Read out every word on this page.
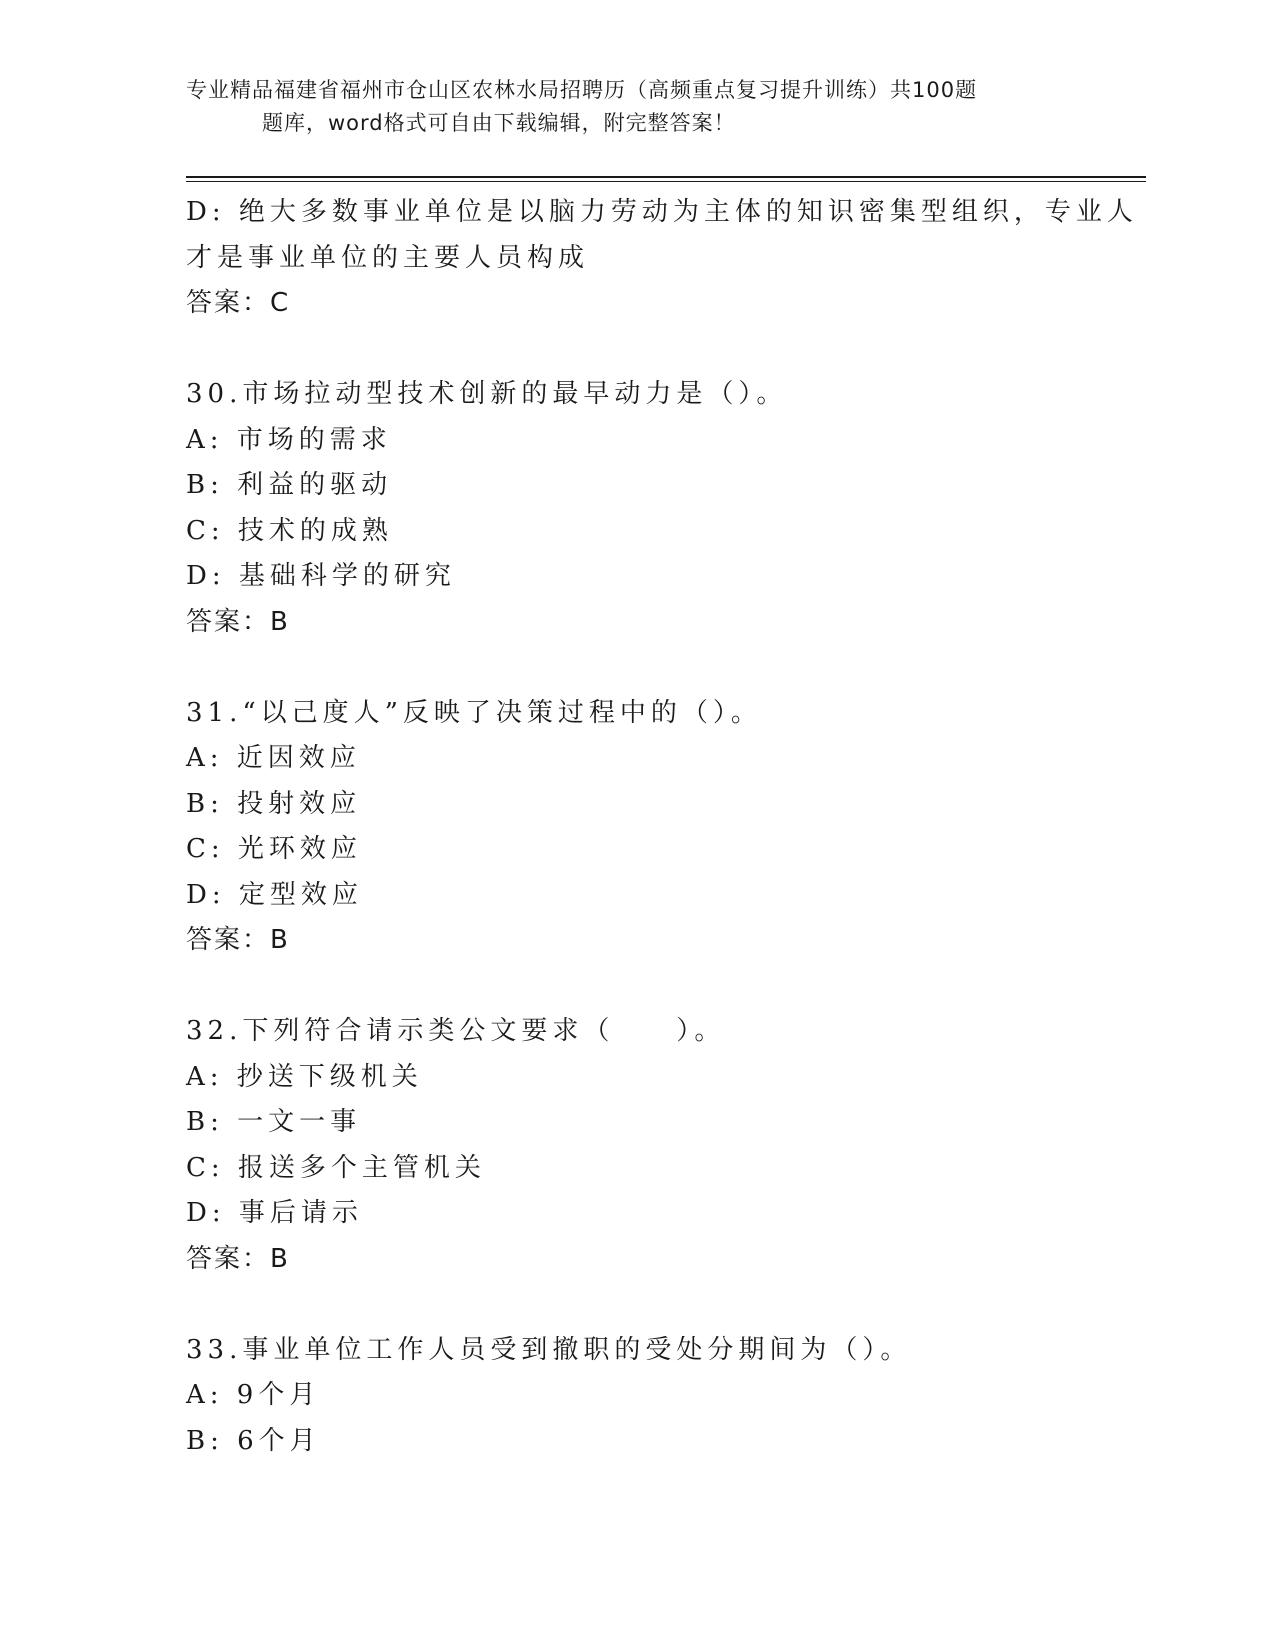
专业精品福建省福州市仓山区农林水局招聘历（高频重点复习提升训练）共100题
题库，word格式可自由下载编辑，附完整答案！
D: 绝大多数事业单位是以脑力劳动为主体的知识密集型组织，专业人
才是事业单位的主要人员构成
答案：C
30.市场拉动型技术创新的最早动力是（）。
A: 市场的需求
B: 利益的驱动
C: 技术的成熟
D: 基础科学的研究
答案：B
31.“以己度人”反映了决策过程中的（）。
A: 近因效应
B: 投射效应
C: 光环效应
D: 定型效应
答案：B
32.下列符合请示类公文要求（　　）。
A: 抄送下级机关
B: 一文一事
C: 报送多个主管机关
D: 事后请示
答案：B
33.事业单位工作人员受到撤职的受处分期间为（）。
A: 9个月
B: 6个月
